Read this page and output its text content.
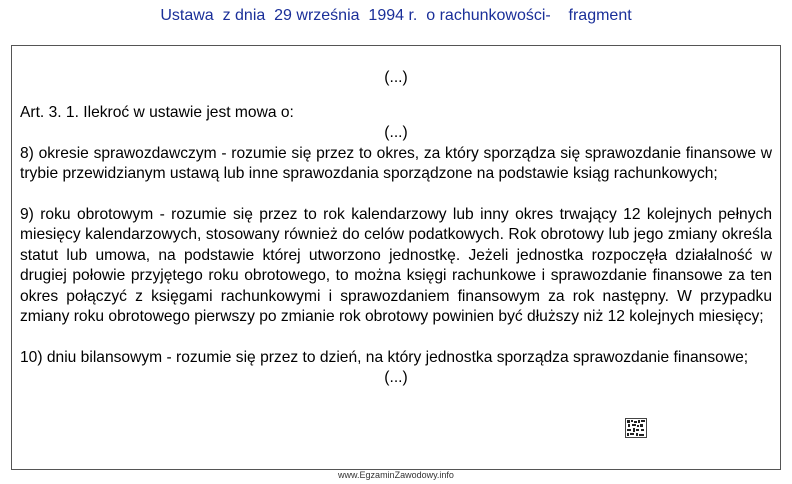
Ustawa  z dnia  29 września  1994 r.  o rachunkowości-    fragment
(...)
Art. 3. 1. Ilekroć w ustawie jest mowa o:
(...)

8) okresie sprawozdawczym - rozumie się przez to okres, za który sporządza się sprawozdanie finansowe w trybie przewidzianym ustawą lub inne sprawozdania sporządzone na podstawie ksiąg rachunkowych;

9) roku obrotowym - rozumie się przez to rok kalendarzowy lub inny okres trwający 12 kolejnych pełnych miesięcy kalendarzowych, stosowany również do celów podatkowych. Rok obrotowy lub jego zmiany określa statut lub umowa, na podstawie której utworzono jednostkę. Jeżeli jednostka rozpoczęła działalność w drugiej połowie przyjętego roku obrotowego, to można księgi rachunkowe i sprawozdanie finansowe za ten okres połączyć z księgami rachunkowymi i sprawozdaniem finansowym za rok następny. W przypadku zmiany roku obrotowego pierwszy po zmianie rok obrotowy powinien być dłuższy niż 12 kolejnych miesięcy;

10) dniu bilansowym - rozumie się przez to dzień, na który jednostka sporządza sprawozdanie finansowe;

(...)
www.EgzaminZawodowy.info
